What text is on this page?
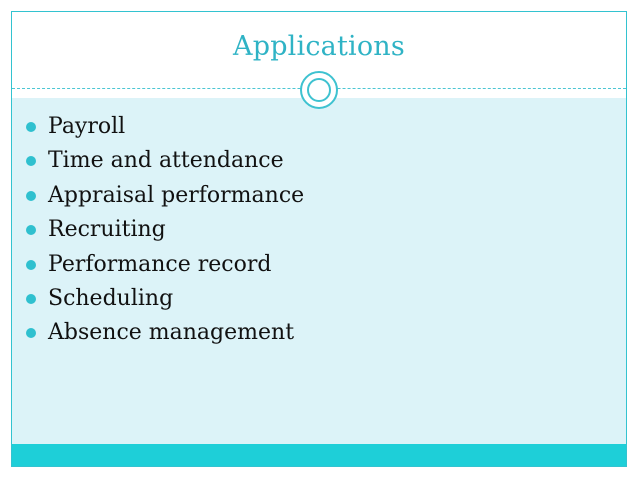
Applications
Payroll
Time and attendance
Appraisal performance
Recruiting
Performance record
Scheduling
Absence management
